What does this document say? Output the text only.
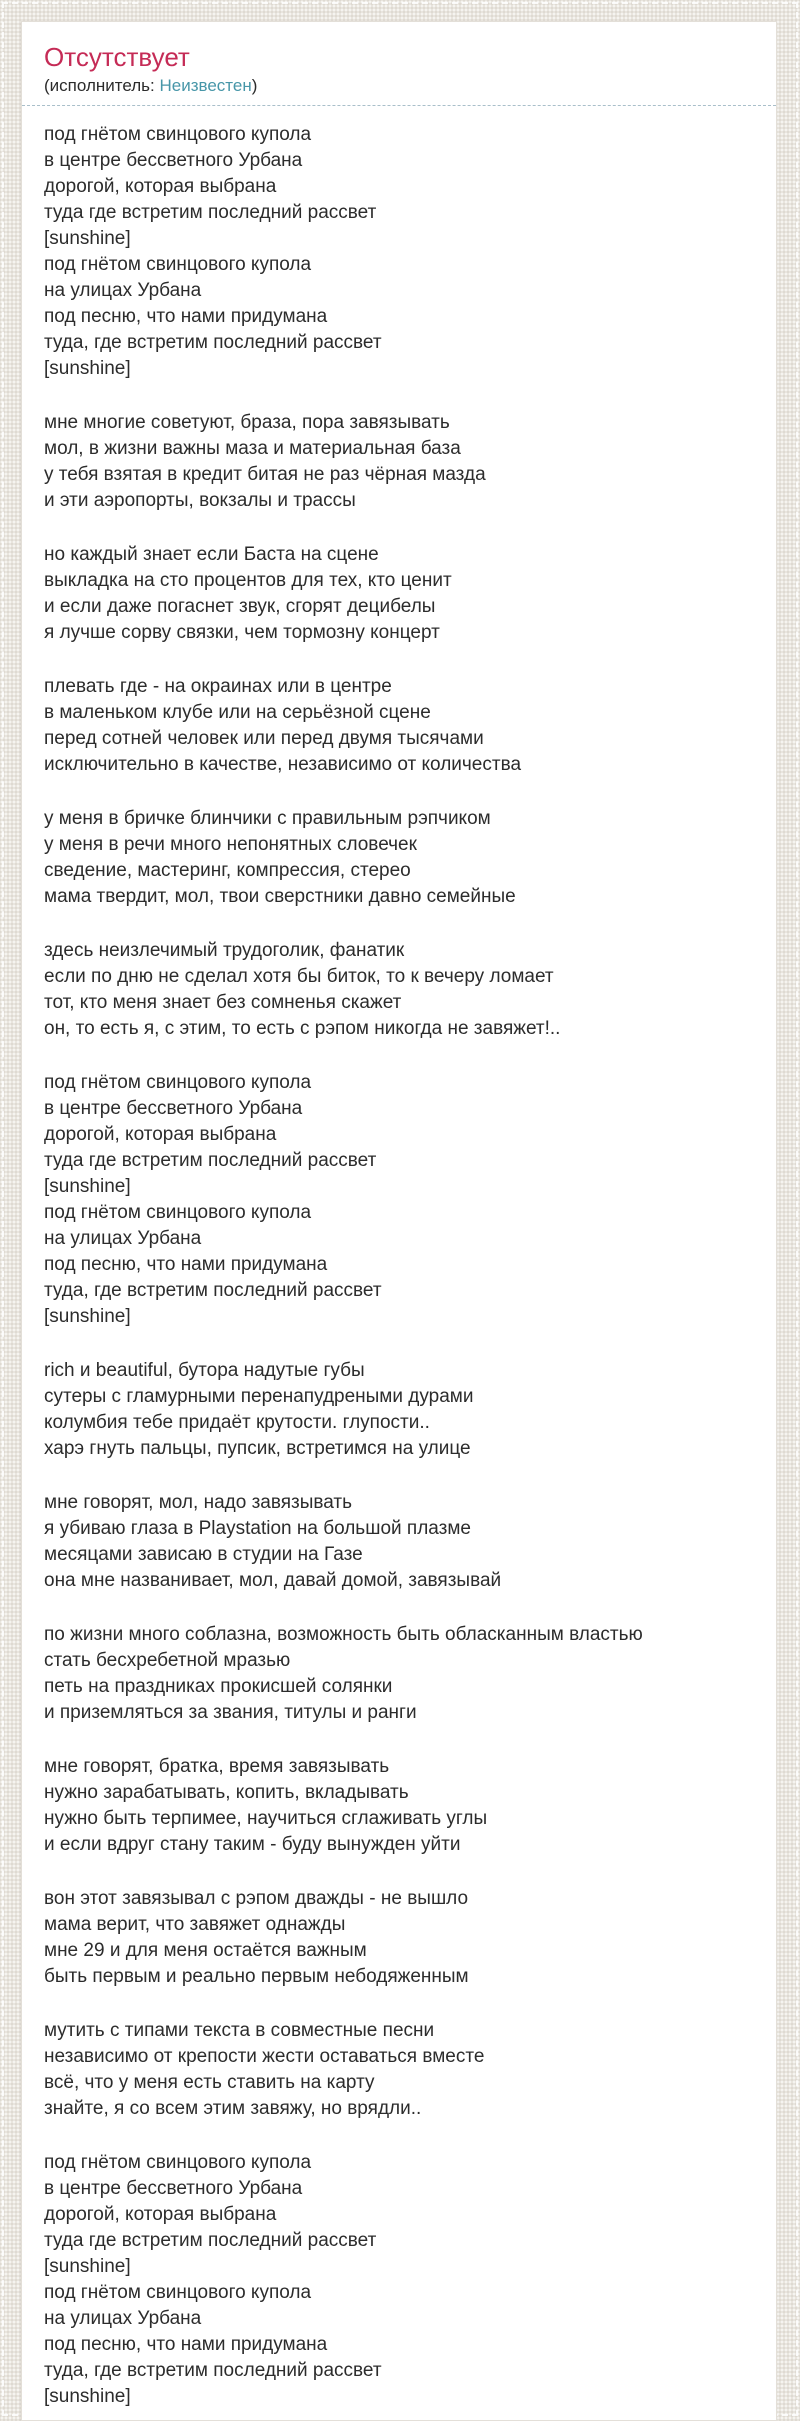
Отсутствует
(исполнитель: Неизвестен)

под гнётом свинцового купола
в центре бессветного Урбана
дорогой, которая выбрана
туда где встретим последний рассвет
[sunshine]
под гнётом свинцового купола
на улицах Урбана
под песню, что нами придумана
туда, где встретим последний рассвет
[sunshine]

мне многие советуют, браза, пора завязывать
мол, в жизни важны маза и материальная база
у тебя взятая в кредит битая не раз чёрная мазда
и эти аэропорты, вокзалы и трассы

но каждый знает если Баста на сцене
выкладка на сто процентов для тех, кто ценит
и если даже погаснет звук, сгорят децибелы
я лучше сорву связки, чем тормозну концерт

плевать где - на окраинах или в центре
в маленьком клубе или на серьёзной сцене
перед сотней человек или перед двумя тысячами
исключительно в качестве, независимо от количества

у меня в бричке блинчики с правильным рэпчиком
у меня в речи много непонятных словечек
сведение, мастеринг, компрессия, стерео
мама твердит, мол, твои сверстники давно семейные

здесь неизлечимый трудоголик, фанатик
если по дню не сделал хотя бы биток, то к вечеру ломает
тот, кто меня знает без сомненья скажет
он, то есть я, с этим, то есть с рэпом никогда не завяжет!..

под гнётом свинцового купола
в центре бессветного Урбана
дорогой, которая выбрана
туда где встретим последний рассвет
[sunshine]
под гнётом свинцового купола
на улицах Урбана
под песню, что нами придумана
туда, где встретим последний рассвет
[sunshine]

rich и beautiful, бутора надутые губы
сутеры с гламурными перенапудреными дурами
колумбия тебе придаёт крутости. глупости..
харэ гнуть пальцы, пупсик, встретимся на улице

мне говорят, мол, надо завязывать
я убиваю глаза в Playstation на большой плазме
месяцами зависаю в студии на Газе
она мне названивает, мол, давай домой, завязывай

по жизни много соблазна, возможность быть обласканным властью
стать бесхребетной мразью
петь на праздниках прокисшей солянки
и приземляться за звания, титулы и ранги

мне говорят, братка, время завязывать
нужно зарабатывать, копить, вкладывать
нужно быть терпимее, научиться сглаживать углы
и если вдруг стану таким - буду вынужден уйти

вон этот завязывал с рэпом дважды - не вышло
мама верит, что завяжет однажды
мне 29 и для меня остаётся важным
быть первым и реально первым небодяженным

мутить с типами текста в совместные песни
независимо от крепости жести оставаться вместе
всё, что у меня есть ставить на карту
знайте, я со всем этим завяжу, но врядли..

под гнётом свинцового купола
в центре бессветного Урбана
дорогой, которая выбрана
туда где встретим последний рассвет
[sunshine]
под гнётом свинцового купола
на улицах Урбана
под песню, что нами придумана
туда, где встретим последний рассвет
[sunshine]
